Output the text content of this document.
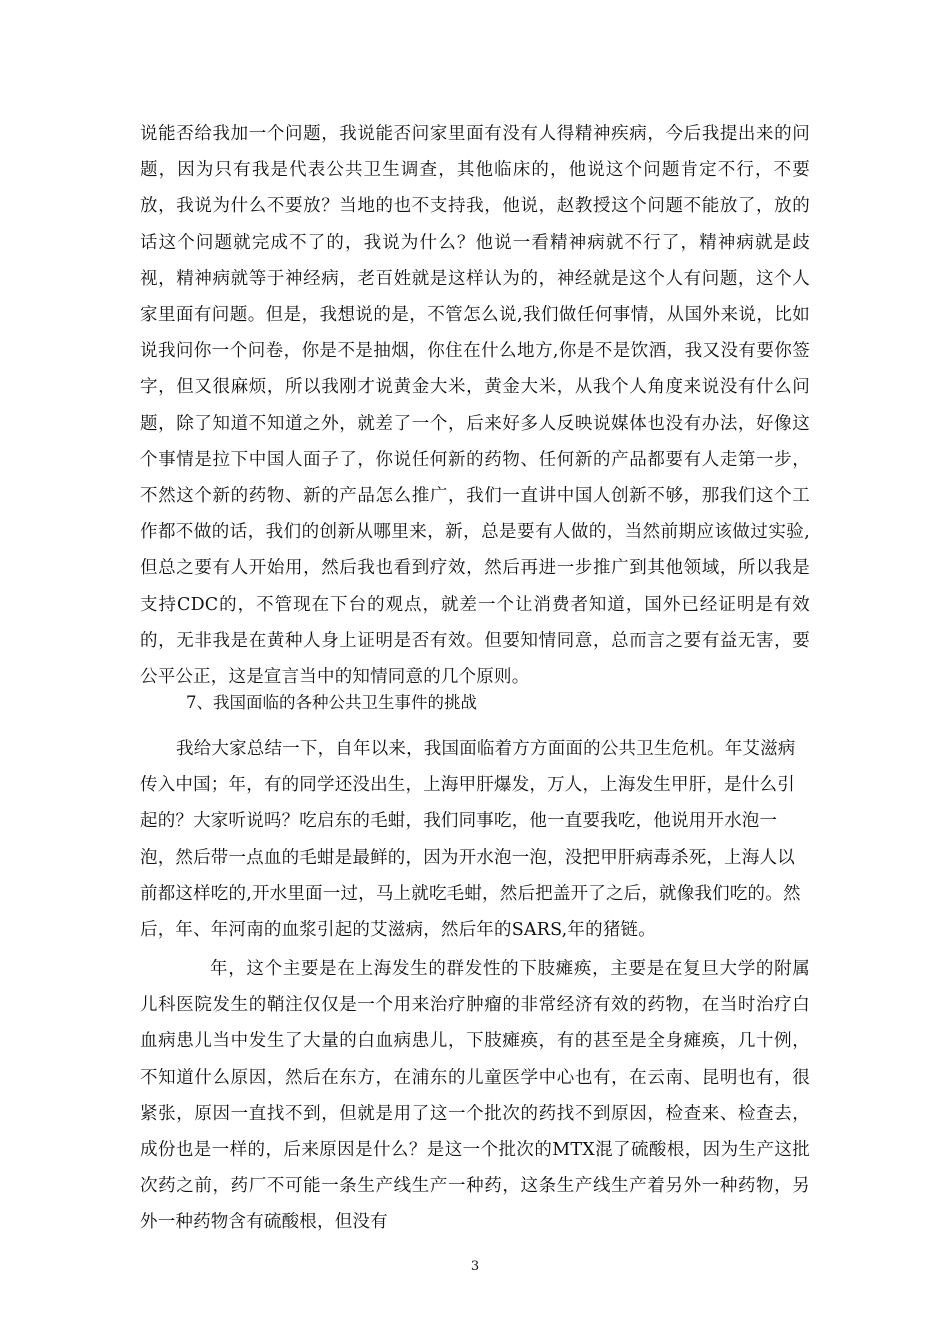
说能否给我加一个问题，我说能否问家里面有没有人得精神疾病，今后我提出来的问题，因为只有我是代表公共卫生调查，其他临床的，他说这个问题肯定不行，不要放，我说为什么不要放？当地的也不支持我，他说，赵教授这个问题不能放了，放的话这个问题就完成不了的，我说为什么？他说一看精神病就不行了，精神病就是歧视，精神病就等于神经病，老百姓就是这样认为的，神经就是这个人有问题，这个人家里面有问题。但是，我想说的是，不管怎么说,我们做任何事情，从国外来说，比如说我问你一个问卷，你是不是抽烟，你住在什么地方,你是不是饮酒，我又没有要你签字，但又很麻烦，所以我刚才说黄金大米，黄金大米，从我个人角度来说没有什么问题，除了知道不知道之外，就差了一个，后来好多人反映说媒体也没有办法，好像这个事情是拉下中国人面子了，你说任何新的药物、任何新的产品都要有人走第一步，不然这个新的药物、新的产品怎么推广，我们一直讲中国人创新不够，那我们这个工作都不做的话，我们的创新从哪里来，新，总是要有人做的，当然前期应该做过实验,但总之要有人开始用，然后我也看到疗效，然后再进一步推广到其他领域，所以我是支持CDC的，不管现在下台的观点，就差一个让消费者知道，国外已经证明是有效的，无非我是在黄种人身上证明是否有效。但要知情同意，总而言之要有益无害，要公平公正，这是宣言当中的知情同意的几个原则。

7、我国面临的各种公共卫生事件的挑战

我给大家总结一下，自年以来，我国面临着方方面面的公共卫生危机。年艾滋病传入中国；年，有的同学还没出生，上海甲肝爆发，万人，上海发生甲肝，是什么引起的？大家听说吗？吃启东的毛蚶，我们同事吃，他一直要我吃，他说用开水泡一泡，然后带一点血的毛蚶是最鲜的，因为开水泡一泡，没把甲肝病毒杀死，上海人以前都这样吃的,开水里面一过，马上就吃毛蚶，然后把盖开了之后，就像我们吃的。然后，年、年河南的血浆引起的艾滋病，然后年的SARS,年的猪链。

年，这个主要是在上海发生的群发性的下肢瘫痪，主要是在复旦大学的附属儿科医院发生的鞘注仅仅是一个用来治疗肿瘤的非常经济有效的药物，在当时治疗白血病患儿当中发生了大量的白血病患儿，下肢瘫痪，有的甚至是全身瘫痪，几十例，不知道什么原因，然后在东方，在浦东的儿童医学中心也有，在云南、昆明也有，很紧张，原因一直找不到，但就是用了这一个批次的药找不到原因，检查来、检查去，成份也是一样的，后来原因是什么？是这一个批次的MTX混了硫酸根，因为生产这批次药之前，药厂不可能一条生产线生产一种药，这条生产线生产着另外一种药物，另外一种药物含有硫酸根，但没有

3
